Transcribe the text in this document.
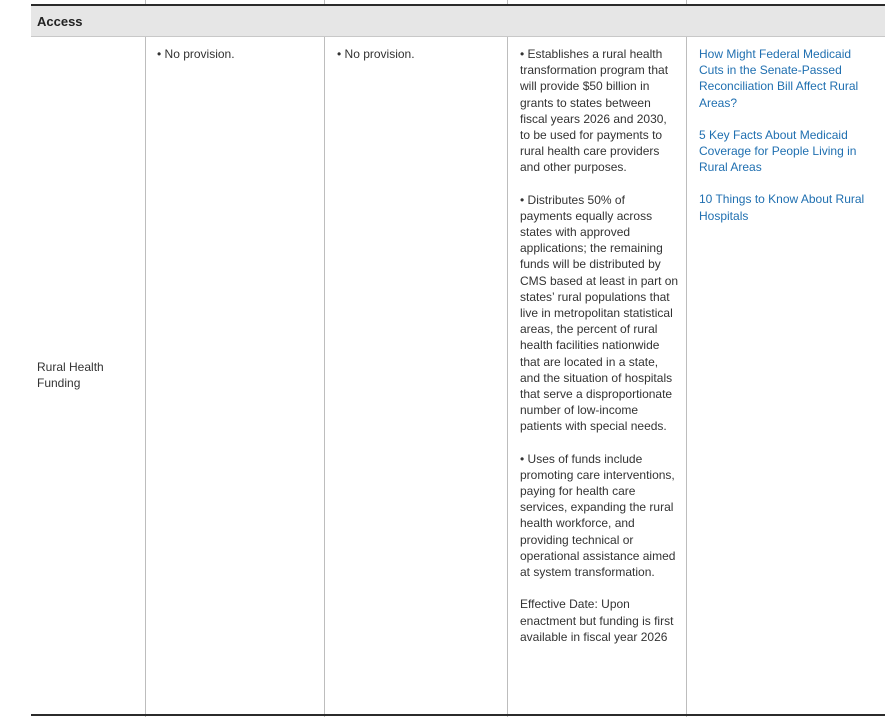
Access
Rural Health Funding
• No provision.	• No provision.	• Establishes a rural health transformation program that will provide $50 billion in grants to states between fiscal years 2026 and 2030, to be used for payments to rural health care providers and other purposes.

• Distributes 50% of payments equally across states with approved applications; the remaining funds will be distributed by CMS based at least in part on states’ rural populations that live in metropolitan statistical areas, the percent of rural health facilities nationwide that are located in a state, and the situation of hospitals that serve a disproportionate number of low-income patients with special needs.

• Uses of funds include promoting care interventions, paying for health care services, expanding the rural health workforce, and providing technical or operational assistance aimed at system transformation.

Effective Date: Upon enactment but funding is first available in fiscal year 2026

How Might Federal Medicaid Cuts in the Senate-Passed Reconciliation Bill Affect Rural Areas?
5 Key Facts About Medicaid Coverage for People Living in Rural Areas
10 Things to Know About Rural Hospitals
